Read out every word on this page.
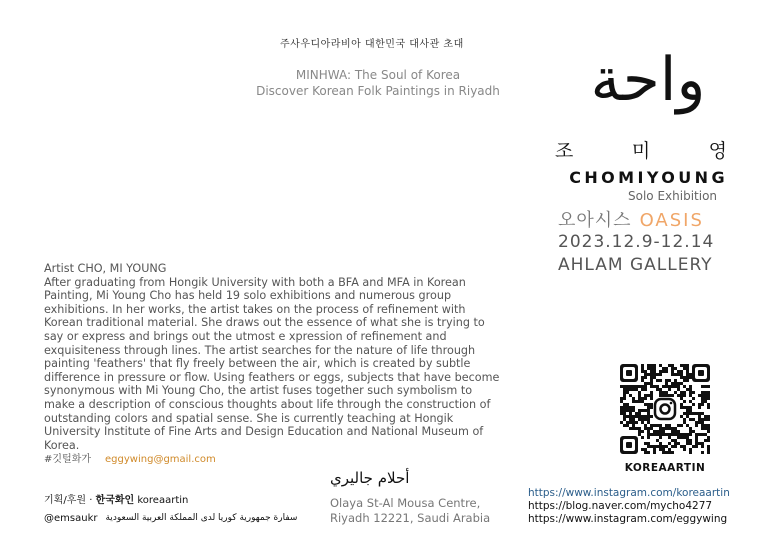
주사우디아라비아 대한민국 대사관 초대
MINHWA: The Soul of Korea
Discover Korean Folk Paintings in Riyadh واحة
조	미	영
CHOMIYOUNG
Solo Exhibition
오아시스 OASIS
2023.12.9-12.14
AHLAM GALLERY
Artist CHO, MI YOUNG
After graduating from Hongik University with both a BFA and MFA in Korean Painting, Mi Young Cho has held 19 solo exhibitions and numerous group exhibitions. In her works, the artist takes on the process of refinement with Korean traditional material. She draws out the essence of what she is trying to say or express and brings out the utmost e xpression of refinement and exquisiteness through lines. The artist searches for the nature of life through painting 'feathers' that fly freely between the air, which is created by subtle difference in pressure or flow. Using feathers or eggs, subjects that have become synonymous with Mi Young Cho, the artist fuses together such symbolism to make a description of conscious thoughts about life through the construction of outstanding colors and spatial sense. She is currently teaching at Hongik University Institute of Fine Arts and Design Education and National Museum of Korea.
#깃털화가 eggywing@gmail.com
기획/후원 · 한국화인 koreaartin
@emsaukr سفارة جمهورية كوريا لدى المملكة العربية السعودية
أحلام جاليري
Olaya St-Al Mousa Centre,
Riyadh 12221, Saudi Arabia
KOREAARTIN
https://www.instagram.com/koreaartin
https://blog.naver.com/mycho4277
https://www.instagram.com/eggywing
